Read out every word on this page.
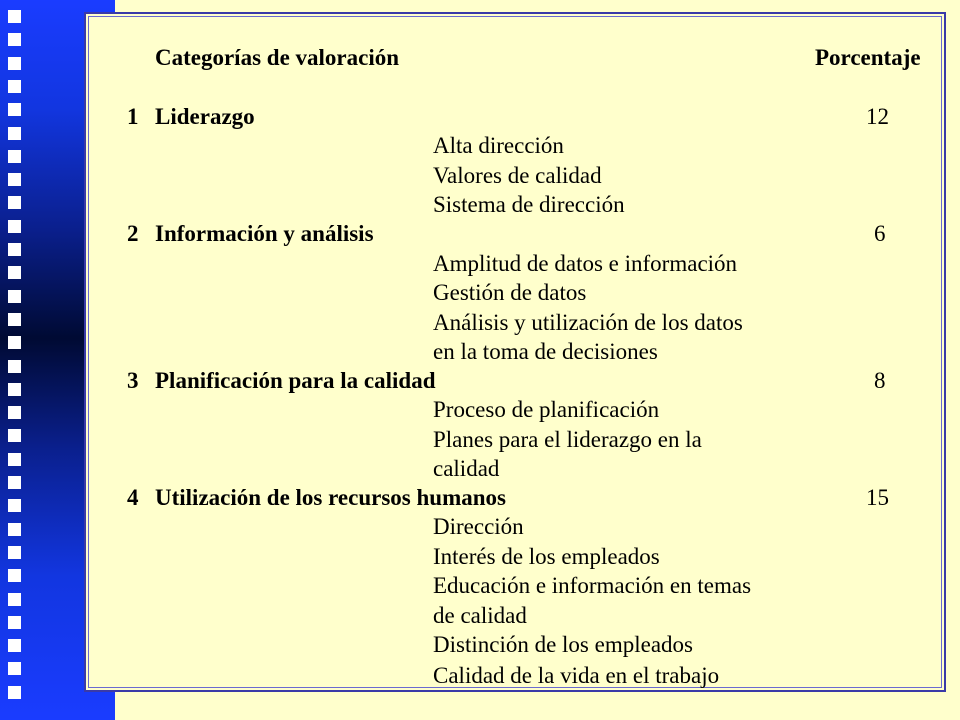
Categorías de valoración	Porcentaje
1 Liderazgo	12
Alta dirección
Valores de calidad
Sistema de dirección
2 Información y análisis	6
Amplitud de datos e información
Gestión de datos
Análisis y utilización de los datos
en la toma de decisiones
3 Planificación para la calidad	8
Proceso de planificación
Planes para el liderazgo en la
calidad
4 Utilización de los recursos humanos	15
Dirección
Interés de los empleados
Educación e información en temas
de calidad
Distinción de los empleados
Calidad de la vida en el trabajo
